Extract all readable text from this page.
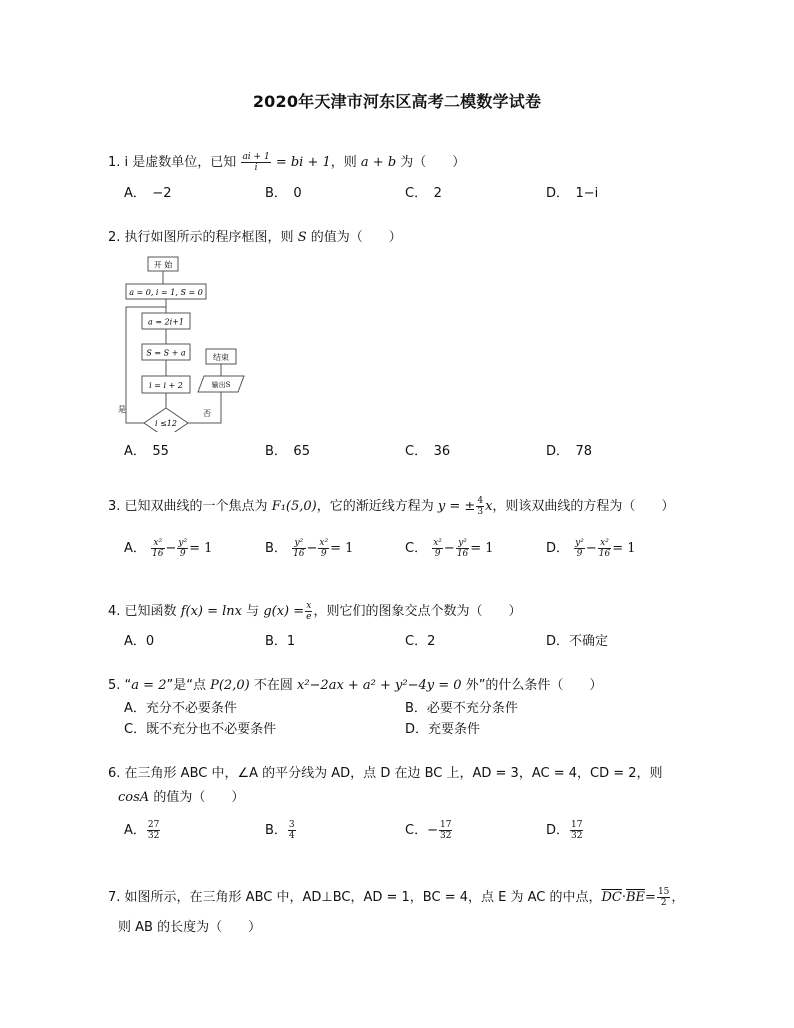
2020年天津市河东区高考二模数学试卷
1. i 是虚数单位，已知 $\frac{ai + 1}{i}$ = bi + 1，则 a + b 为（　　）
A．　−2	B．　0	C．　2	D．　1−i
2. 执行如图所示的程序框图，则 S 的值为（　　）
开 始
a = 0, i = 1, S = 0
a = 2i+1
S = S + a
i = i + 2
i ≤12
是	否
输出S
结束
A．　55	B．　65	C．　36	D．　78
3. 已知双曲线的一个焦点为 F₁(5,0)，它的渐近线方程为 y = ± $\frac{4}{3}$ x，则该双曲线的方程为（　　）
A． $\frac{\text{x²}}{16} - \frac{\text{y²}}{9} = 1$	B． $\frac{\text{y²}}{16} - \frac{\text{x²}}{9} = 1$	C． $\frac{\text{x²}}{9} - \frac{\text{y²}}{16} = 1$	D． $\frac{\text{y²}}{9} - \frac{\text{x²}}{16} = 1$
4. 已知函数 f(x) = lnx 与 $g(x) = \frac{x}{e}$ ，则它们的图象交点个数为（　　）
A．0	B．1	C．2	D．不确定
5. “a = 2”是“点 P(2,0) 不在圆 x²−2ax + a² + y²−4y = 0 外”的什么条件（　　）
A．充分不必要条件	B．必要不充分条件
C．既不充分也不必要条件	D．充要条件
6. 在三角形 ABC 中，∠A 的平分线为 AD，点 D 在边 BC 上，AD = 3，AC = 4，CD = 2，则
cosA 的值为（　　）
A． $\frac{27}{32}$	B． $\frac{3}{4}$	C．− $\frac{17}{32}$	D． $\frac{17}{32}$
7. 如图所示，在三角形 ABC 中，AD⊥BC，AD = 1，BC = 4，点 E 为 AC 的中点，$\overline{DC}\cdot\overline{BE}= \frac{15}{2}$ ，
则 AB 的长度为（　　）
